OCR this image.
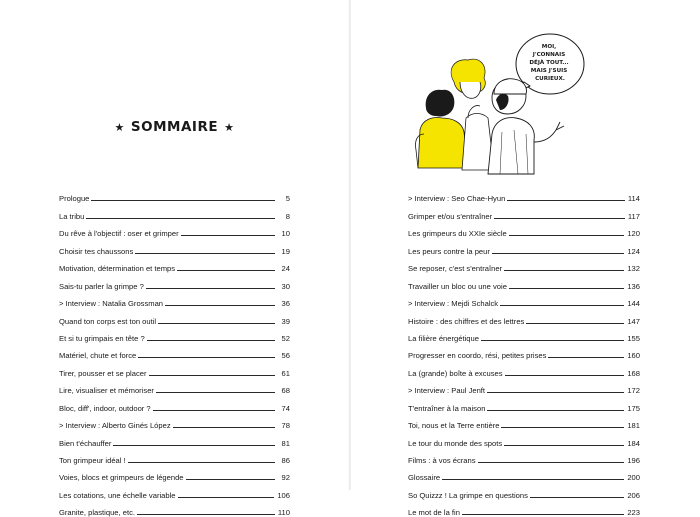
★ SOMMAIRE ★
Prologue	5
La tribu	8
Du rêve à l'objectif : oser et grimper	10
Choisir tes chaussons	19
Motivation, détermination et temps	24
Sais-tu parler la grimpe ?	30
> Interview : Natalia Grossman	36
Quand ton corps est ton outil	39
Et si tu grimpais en tête ?	52
Matériel, chute et force	56
Tirer, pousser et se placer	61
Lire, visualiser et mémoriser	68
Bloc, diff', indoor, outdoor ?	74
> Interview : Alberto Ginés López	78
Bien t'échauffer	81
Ton grimpeur idéal !	86
Voies, blocs et grimpeurs de légende	92
Les cotations, une échelle variable	106
Granite, plastique, etc.	110
MOI, J'CONNAIS DÉJÀ TOUT... MAIS J'SUIS CURIEUX.
> Interview : Seo Chae-Hyun	114
Grimper et/ou s'entraîner	117
Les grimpeurs du XXIe siècle	120
Les peurs contre la peur	124
Se reposer, c'est s'entraîner	132
Travailler un bloc ou une voie	136
> Interview : Mejdi Schalck	144
Histoire : des chiffres et des lettres	147
La filière énergétique	155
Progresser en coordo, rési, petites prises	160
La (grande) boîte à excuses	168
> Interview : Paul Jenft	172
T'entraîner à la maison	175
Toi, nous et la Terre entière	181
Le tour du monde des spots	184
Films : à vos écrans	196
Glossaire	200
So Quizzz ! La grimpe en questions	206
Le mot de la fin	223
